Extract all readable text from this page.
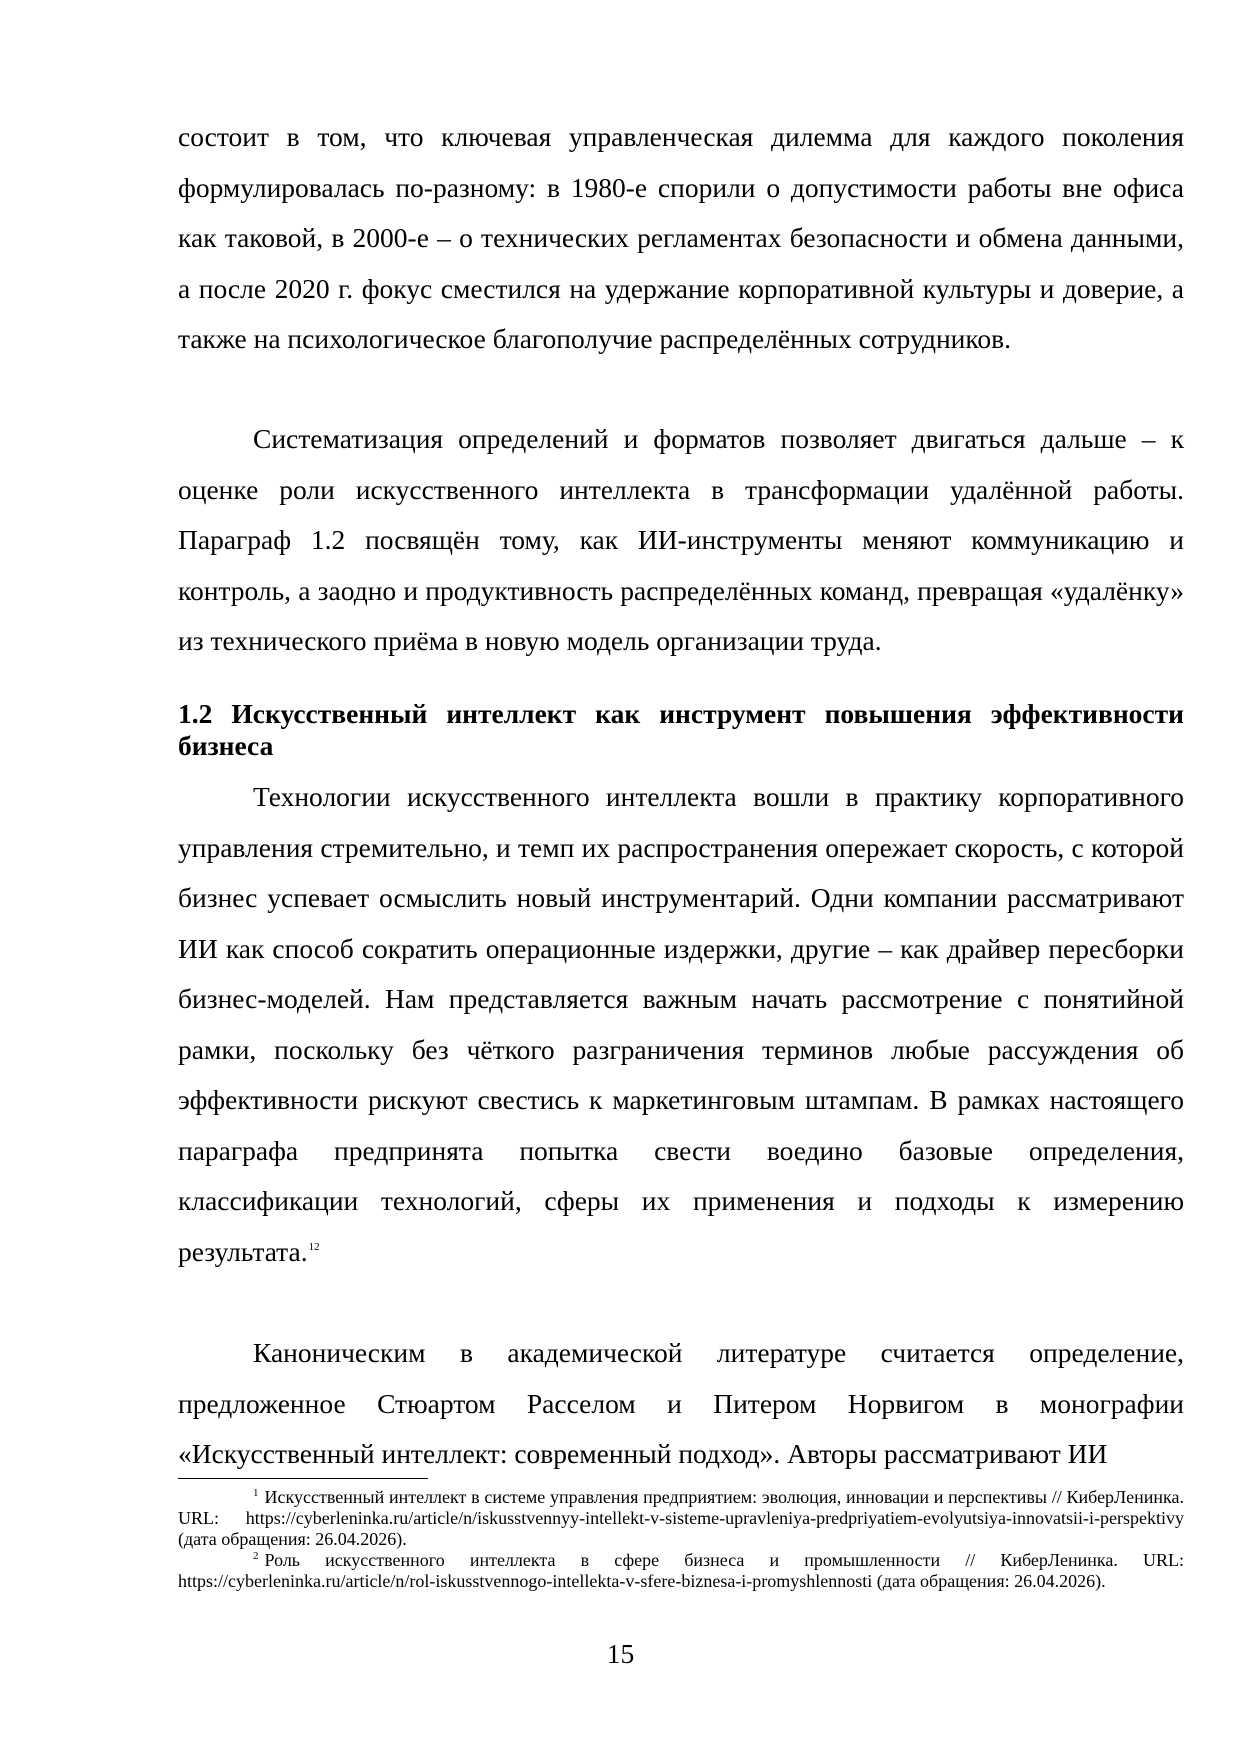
состоит в том, что ключевая управленческая дилемма для каждого поколения формулировалась по-разному: в 1980-е спорили о допустимости работы вне офиса как таковой, в 2000-е – о технических регламентах безопасности и обмена данными, а после 2020 г. фокус сместился на удержание корпоративной культуры и доверие, а также на психологическое благополучие распределённых сотрудников.

Систематизация определений и форматов позволяет двигаться дальше – к оценке роли искусственного интеллекта в трансформации удалённой работы. Параграф 1.2 посвящён тому, как ИИ-инструменты меняют коммуникацию и контроль, а заодно и продуктивность распределённых команд, превращая «удалёнку» из технического приёма в новую модель организации труда.

1.2 Искусственный интеллект как инструмент повышения эффективности бизнеса

Технологии искусственного интеллекта вошли в практику корпоративного управления стремительно, и темп их распространения опережает скорость, с которой бизнес успевает осмыслить новый инструментарий. Одни компании рассматривают ИИ как способ сократить операционные издержки, другие – как драйвер пересборки бизнес-моделей. Нам представляется важным начать рассмотрение с понятийной рамки, поскольку без чёткого разграничения терминов любые рассуждения об эффективности рискуют свестись к маркетинговым штампам. В рамках настоящего параграфа предпринята попытка свести воедино базовые определения, классификации технологий, сферы их применения и подходы к измерению результата.$^{12}$

Каноническим в академической литературе считается определение, предложенное Стюартом Расселом и Питером Норвигом в монографии «Искусственный интеллект: современный подход». Авторы рассматривают ИИ

$^1$ Искусственный интеллект в системе управления предприятием: эволюция, инновации и перспективы // КиберЛенинка. URL: https://cyberleninka.ru/article/n/iskusstvennyy-intellekt-v-sisteme-upravleniya-predpriyatiem-evolyutsiya-innovatsii-i-perspektivy (дата обращения: 26.04.2026).

$^2$ Роль искусственного интеллекта в сфере бизнеса и промышленности // КиберЛенинка. URL: https://cyberleninka.ru/article/n/rol-iskusstvennogo-intellekta-v-sfere-biznesa-i-promyshlennosti (дата обращения: 26.04.2026).

15
